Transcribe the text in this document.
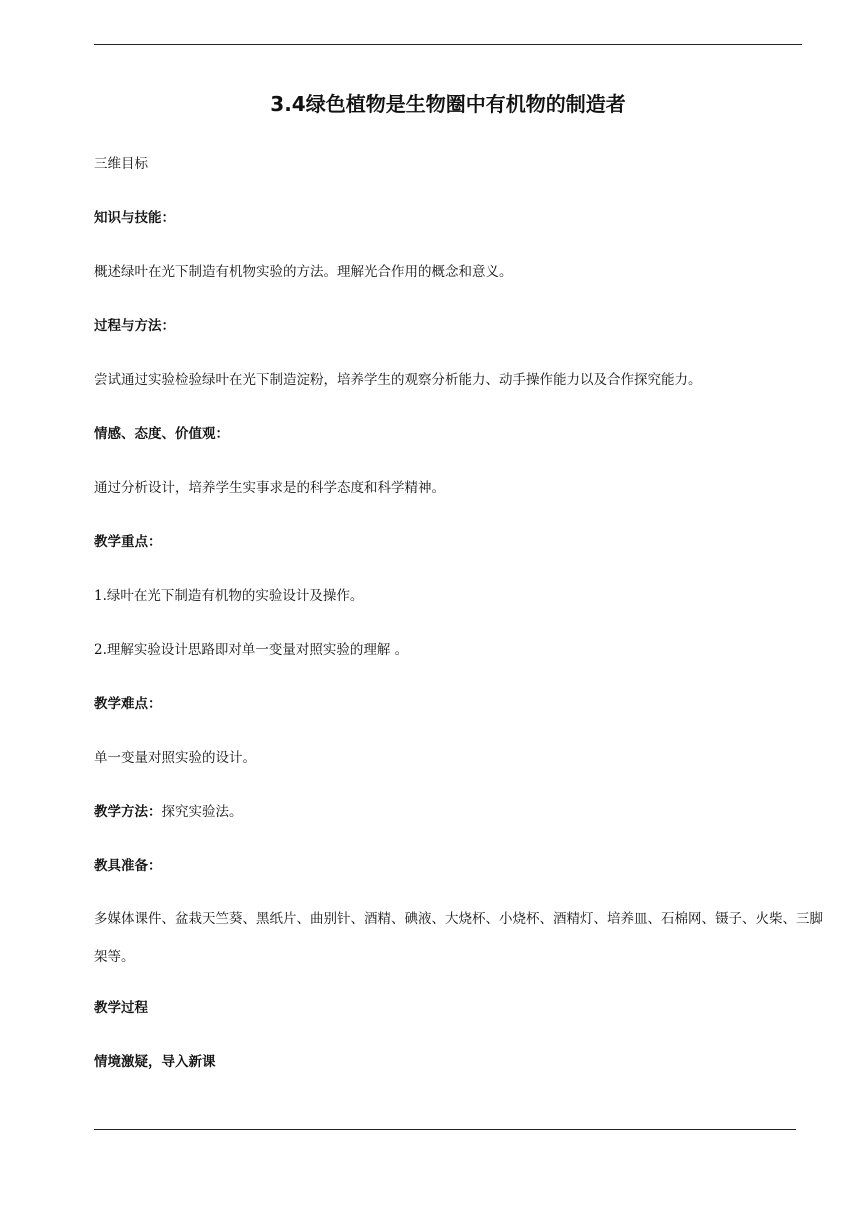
3.4绿色植物是生物圈中有机物的制造者

三维目标

知识与技能：

概述绿叶在光下制造有机物实验的方法。理解光合作用的概念和意义。

过程与方法：

尝试通过实验检验绿叶在光下制造淀粉，培养学生的观察分析能力、动手操作能力以及合作探究能力。

情感、态度、价值观：

通过分析设计，培养学生实事求是的科学态度和科学精神。

教学重点：

1.绿叶在光下制造有机物的实验设计及操作。

2.理解实验设计思路即对单一变量对照实验的理解 。

教学难点：

单一变量对照实验的设计。

教学方法：探究实验法。

教具准备：

多媒体课件、盆栽天竺葵、黑纸片、曲别针、酒精、碘液、大烧杯、小烧杯、酒精灯、培养皿、石棉网、镊子、火柴、三脚架等。

教学过程

情境激疑，导入新课
